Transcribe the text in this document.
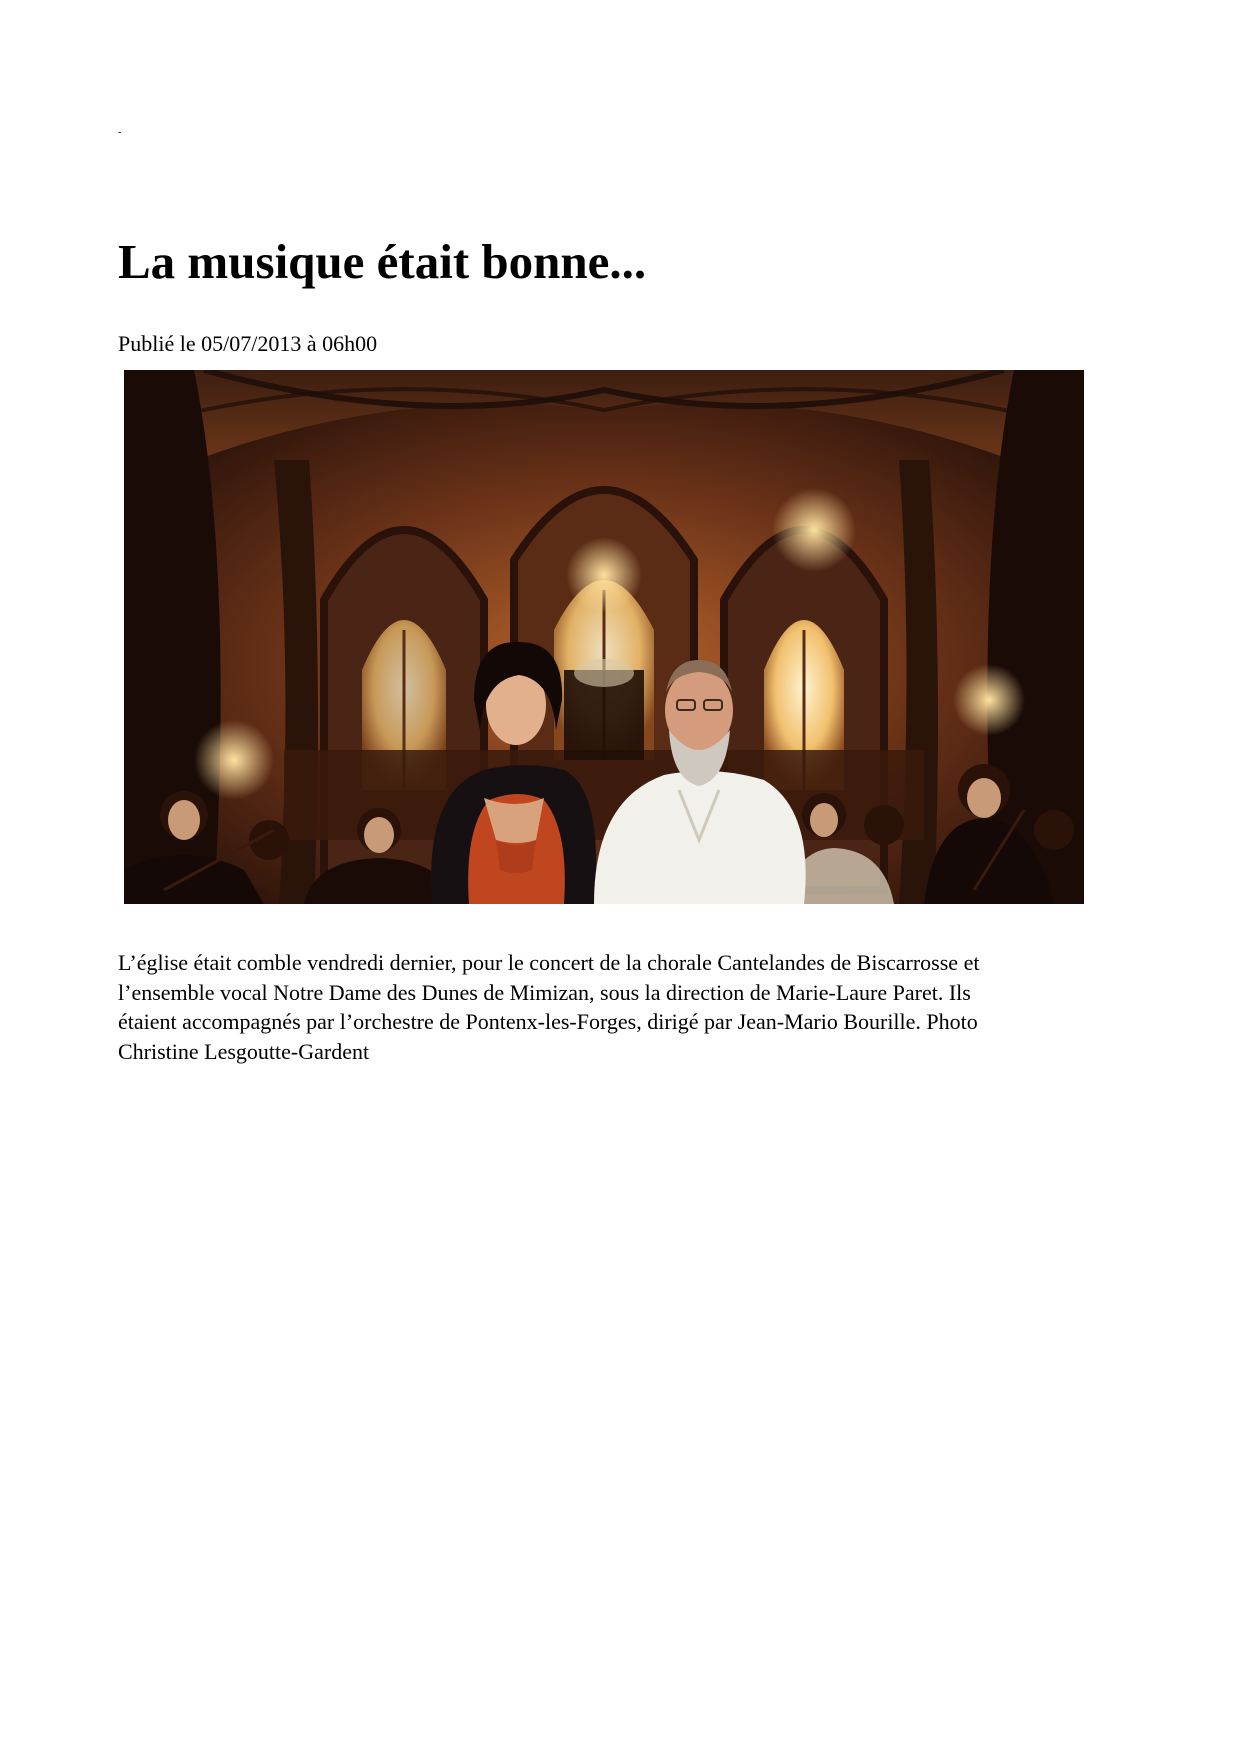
-
La musique était bonne...
Publié le 05/07/2013 à 06h00

L’église était comble vendredi dernier, pour le concert de la chorale Cantelandes de Biscarrosse et
l’ensemble vocal Notre Dame des Dunes de Mimizan, sous la direction de Marie-Laure Paret. Ils
étaient accompagnés par l’orchestre de Pontenx-les-Forges, dirigé par Jean-Mario Bourille. Photo
Christine Lesgoutte-Gardent
